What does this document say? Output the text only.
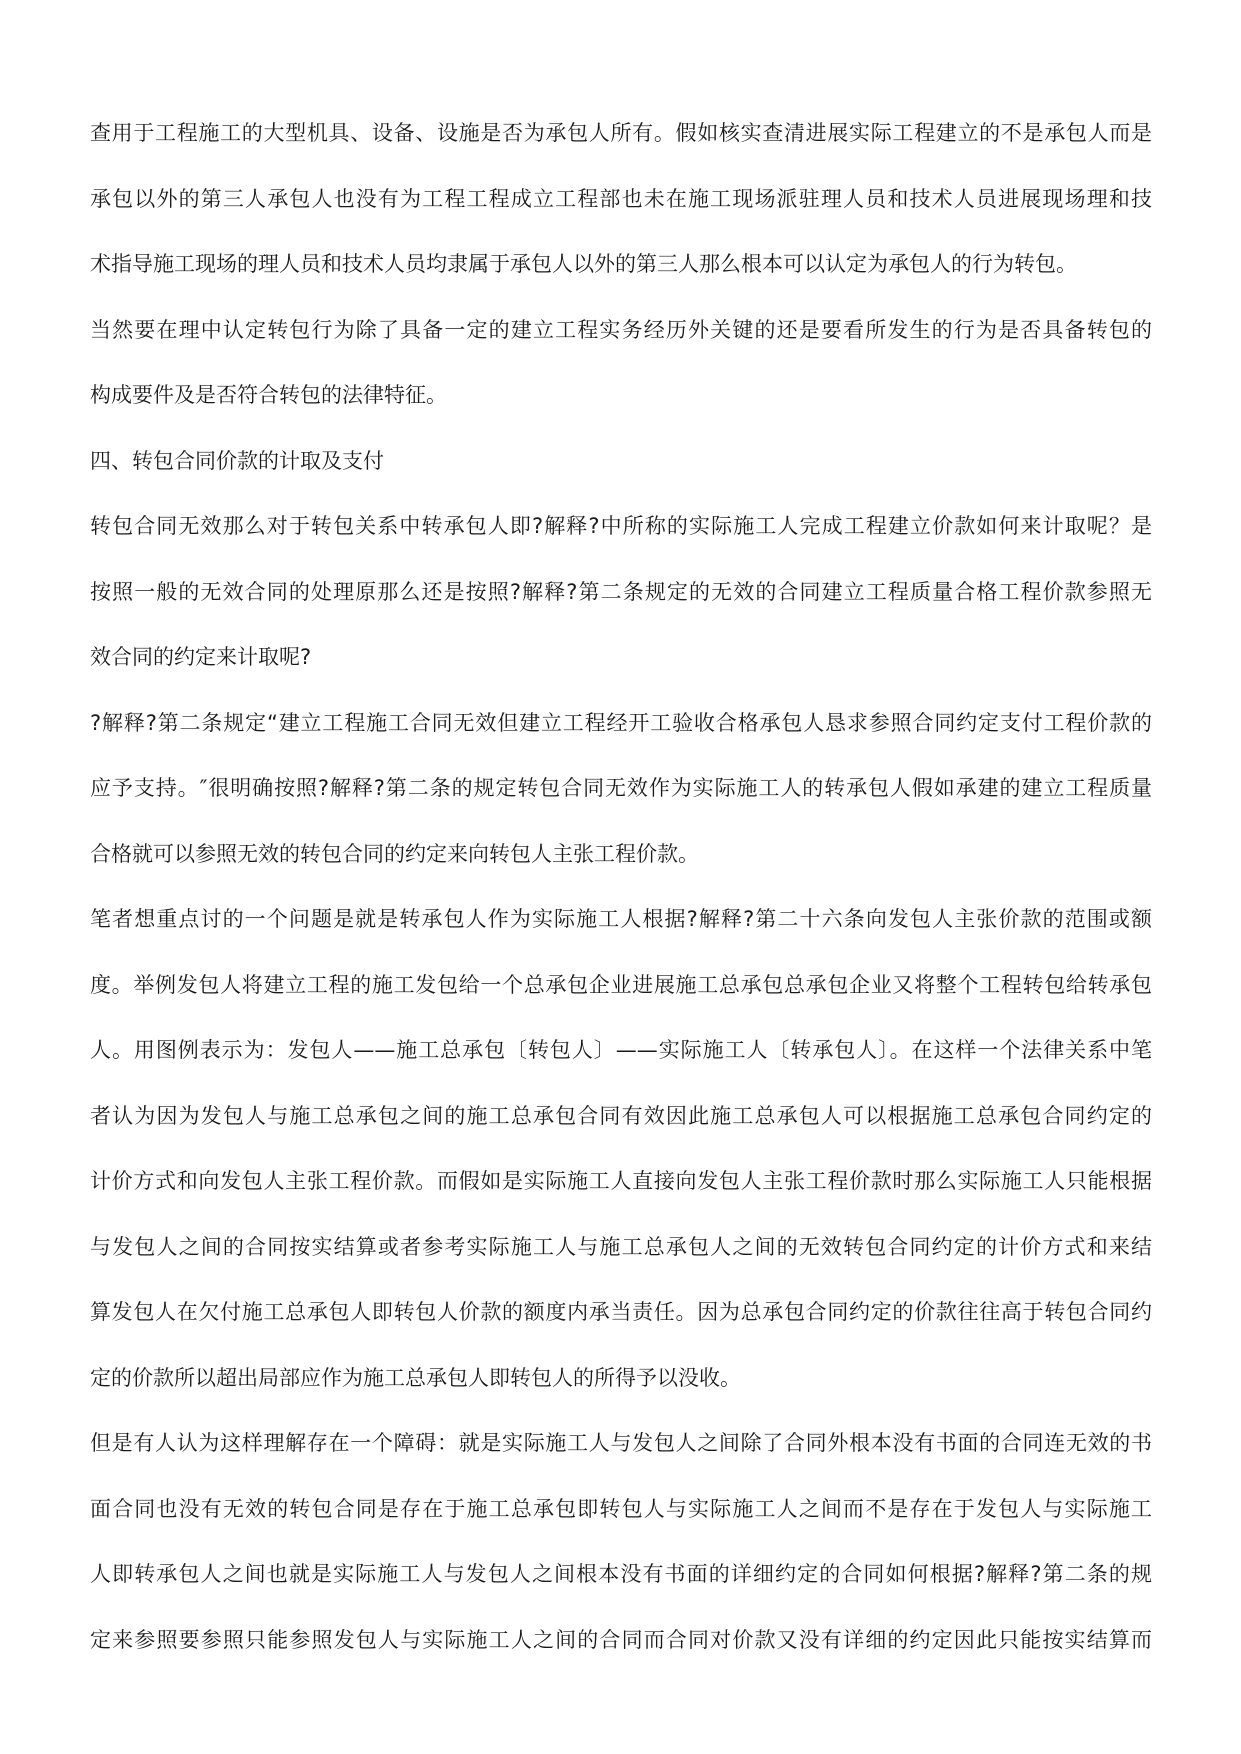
查用于工程施工的大型机具、设备、设施是否为承包人所有。假如核实查清进展实际工程建立的不是承包人而是
承包以外的第三人承包人也没有为工程工程成立工程部也未在施工现场派驻理人员和技术人员进展现场理和技
术指导施工现场的理人员和技术人员均隶属于承包人以外的第三人那么根本可以认定为承包人的行为转包。
当然要在理中认定转包行为除了具备一定的建立工程实务经历外关键的还是要看所发生的行为是否具备转包的
构成要件及是否符合转包的法律特征。
四、转包合同价款的计取及支付
转包合同无效那么对于转包关系中转承包人即?解释?中所称的实际施工人完成工程建立价款如何来计取呢？是
按照一般的无效合同的处理原那么还是按照?解释?第二条规定的无效的合同建立工程质量合格工程价款参照无
效合同的约定来计取呢?
?解释?第二条规定“建立工程施工合同无效但建立工程经开工验收合格承包人恳求参照合同约定支付工程价款的
应予支持。″很明确按照?解释?第二条的规定转包合同无效作为实际施工人的转承包人假如承建的建立工程质量
合格就可以参照无效的转包合同的约定来向转包人主张工程价款。
笔者想重点讨的一个问题是就是转承包人作为实际施工人根据?解释?第二十六条向发包人主张价款的范围或额
度。举例发包人将建立工程的施工发包给一个总承包企业进展施工总承包总承包企业又将整个工程转包给转承包
人。用图例表示为：发包人——施工总承包〔转包人〕——实际施工人〔转承包人〕。在这样一个法律关系中笔
者认为因为发包人与施工总承包之间的施工总承包合同有效因此施工总承包人可以根据施工总承包合同约定的
计价方式和向发包人主张工程价款。而假如是实际施工人直接向发包人主张工程价款时那么实际施工人只能根据
与发包人之间的合同按实结算或者参考实际施工人与施工总承包人之间的无效转包合同约定的计价方式和来结
算发包人在欠付施工总承包人即转包人价款的额度内承当责任。因为总承包合同约定的价款往往高于转包合同约
定的价款所以超出局部应作为施工总承包人即转包人的所得予以没收。
但是有人认为这样理解存在一个障碍：就是实际施工人与发包人之间除了合同外根本没有书面的合同连无效的书
面合同也没有无效的转包合同是存在于施工总承包即转包人与实际施工人之间而不是存在于发包人与实际施工
人即转承包人之间也就是实际施工人与发包人之间根本没有书面的详细约定的合同如何根据?解释?第二条的规
定来参照要参照只能参照发包人与实际施工人之间的合同而合同对价款又没有详细的约定因此只能按实结算而
